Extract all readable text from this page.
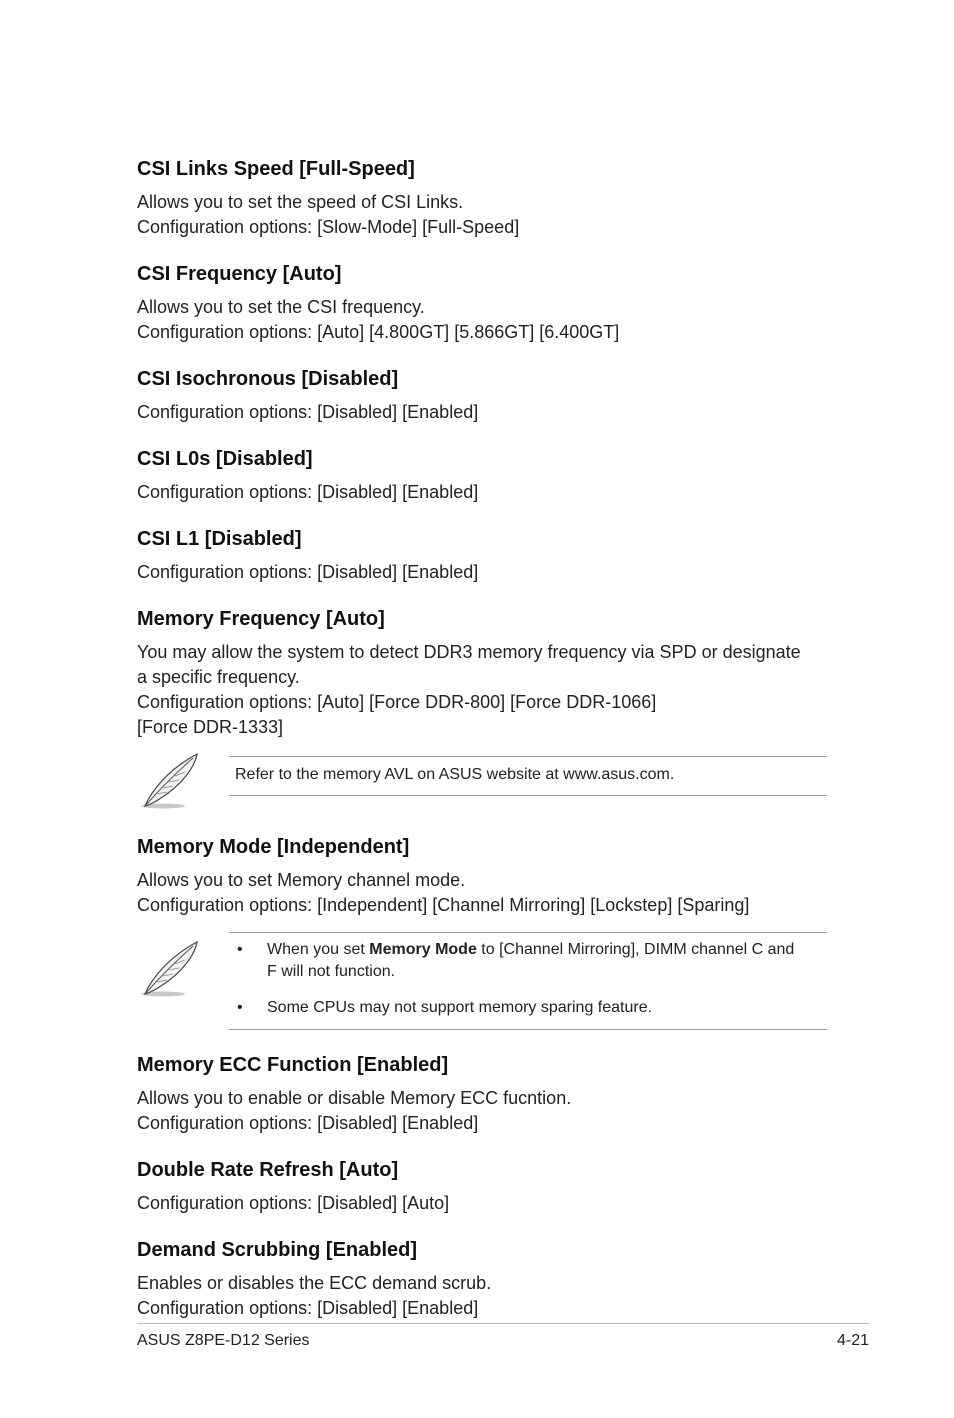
CSI Links Speed [Full-Speed]

Allows you to set the speed of CSI Links.

Configuration options: [Slow-Mode] [Full-Speed]

CSI Frequency [Auto]

Allows you to set the CSI frequency.

Configuration options: [Auto] [4.800GT] [5.866GT] [6.400GT]

CSI Isochronous [Disabled]

Configuration options: [Disabled] [Enabled]

CSI L0s [Disabled]

Configuration options: [Disabled] [Enabled]

CSI L1 [Disabled]

Configuration options: [Disabled] [Enabled]

Memory Frequency [Auto]

You may allow the system to detect DDR3 memory frequency via SPD or designate

a specific frequency.

Configuration options: [Auto] [Force DDR-800] [Force DDR-1066]

[Force DDR-1333]

Refer to the memory AVL on ASUS website at www.asus.com.
Memory Mode [Independent]

Allows you to set Memory channel mode.

Configuration options: [Independent] [Channel Mirroring] [Lockstep] [Sparing]

• When you set Memory Mode to [Channel Mirroring], DIMM channel C and
F will not function.
• Some CPUs may not support memory sparing feature.
Memory ECC Function [Enabled]

Allows you to enable or disable Memory ECC fucntion.

Configuration options: [Disabled] [Enabled]

Double Rate Refresh [Auto]

Configuration options: [Disabled] [Auto]

Demand Scrubbing [Enabled]

Enables or disables the ECC demand scrub.

Configuration options: [Disabled] [Enabled]

ASUS Z8PE-D12 Series	4-21
